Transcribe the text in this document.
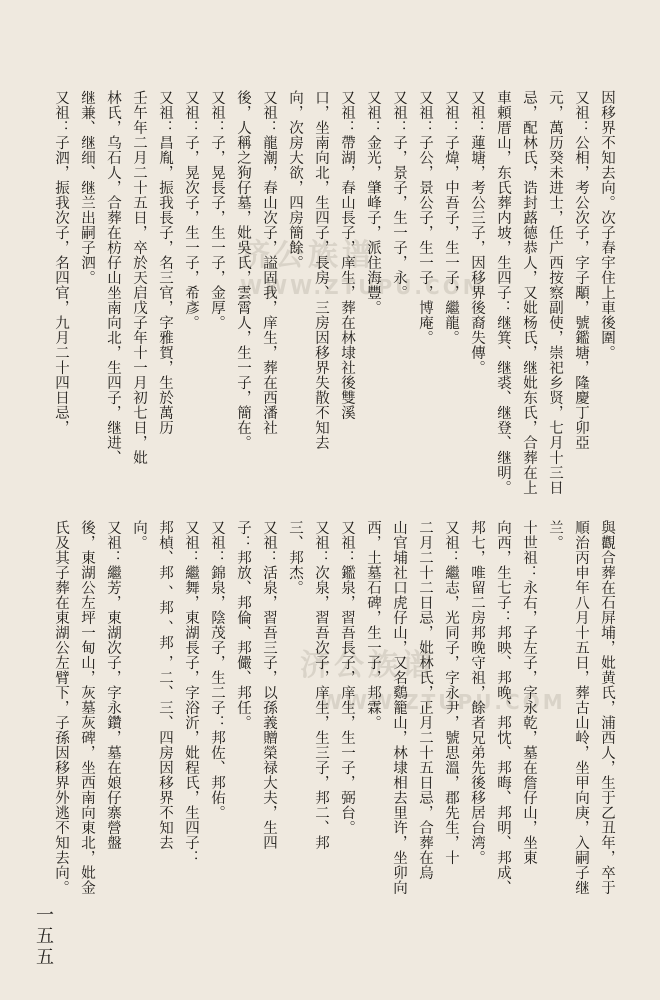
济公族谱
WWW.ZTUPU.COM
济公族谱
WWW.ZTUPU.COM
因移界不知去向。次子春宇住上車後圍。
又祖：公相，考公次子，字子顒，號鑑塘，隆慶丁卯亞
元，萬历癸未进士，任广西按察副使，崇祀乡贤，七月十三日
忌，配林氏，诰封蕗德恭人，又妣杨氏，继妣东氏，合葬在上
車頼厝山，东氏葬内坡，生四子：继箕、继裘、继登、继明。
又祖：蓮塘，考公三子，因移界後裔失傳。
又祖：子煒，中吾子，生一子，繼龍。
又祖：子公，景公子，生一子，博庵。
又祖：子，景子，生一子，永。
又祖：金光，肇峰子，派住海豐。
又祖：帶湖，春山長子，庠生，葬在林埭社後雙溪
口，坐南向北，生四子，長房、三房因移界失散不知去
向，次房大欲，四房簡餘。
又祖：龍潮，春山次子，謚固我，庠生，葬在西潘社
後，人稱之狗仔墓，妣吳氏，雲霄人，生一子，簡在。
又祖：子，晃長子，生一子，金厚。
又祖：子，晃次子，生一子，希彥。
又祖：昌胤，振我長子，名三官，字雅賀，生於萬历
壬午年二月二十五日，卒於天启戊子年十一月初七日，妣
林氏，乌石人，合葬在枋仔山坐南向北，生四子，继进、
继兼、继细、继兰出嗣子泗。
又祖：子泗，振我次子，名四官，九月二十四日忌，
與觀合葬在石屏埔，妣黄氏，浦西人，生于乙丑年，卒于
順治丙申年八月十五日，葬古山岭，坐甲向庚，入嗣子继
兰。
十世祖：永右，子左子，字永乾，墓在詹仔山，坐東
向西，生七子：邦映、邦晚、邦忱、邦晦、邦明、邦成、
邦七，唯留二房邦晚守祖，餘者兄弟先後移居台湾。
又祖：繼志，光同子，字永尹，號思溫，郡先生，十
二月二十二日忌，妣林氏，正月二十五日忌，合葬在烏
山官埔社口虎仔山，又名鷄籠山，林埭相去里许，坐卯向
西，土墓石碑，生一子，邦霖。
又祖：鑑泉，習吾長子，庠生，生一子，弼台。
又祖：次泉，習吾次子，庠生，生三子，邦二、邦
三、邦杰。
又祖：活泉，習吾三子，以孫義贈榮禄大夫，生四
子：邦放、邦倫、邦儼、邦任。
又祖：錦泉，陰茂子，生二子：邦佐、邦佑。
又祖：繼舞，東湖長子，字浴沂，妣程氏，生四子：
邦楨、邦 、邦 、邦 ，二、三、四房因移界不知去
向。
又祖：繼芳，東湖次子，字永鑽，墓在娘仔寨營盤
後，東湖公左坪一甸山，灰墓灰碑，坐西南向東北，妣金
氏及其子葬在東湖公左臂下，子孫因移界外逃不知去向。
一五五
